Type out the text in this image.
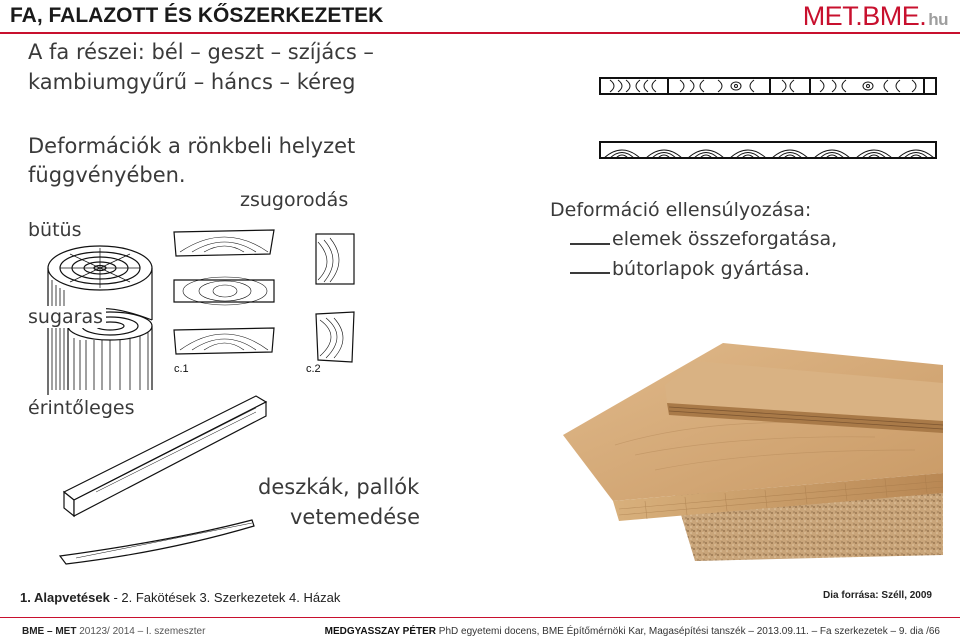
FA, FALAZOTT ÉS KŐSZERKEZETEK	MET.BME. hu
A fa részei: bél – geszt – szíjács –
kambiumgyűrű – háncs – kéreg
Deformációk a rönkbeli helyzet
függvényében.
zsugorodás
bütüs
sugaras
érintőleges
c.1	c.2
deszkák, pallók
vetemedése
Deformáció ellensúlyozása:
elemek összeforgatása,
bútorlapok gyártása.
1. Alapvetések - 2. Fakötések 3. Szerkezetek 4. Házak	Dia forrása: Széll, 2009
BME – MET 20123/ 2014 – I. szemeszter	MEDGYASSZAY PÉTER PhD egyetemi docens, BME Építőmérnöki Kar, Magasépítési tanszék – 2013.09.11. – Fa szerkezetek – 9. dia /66
